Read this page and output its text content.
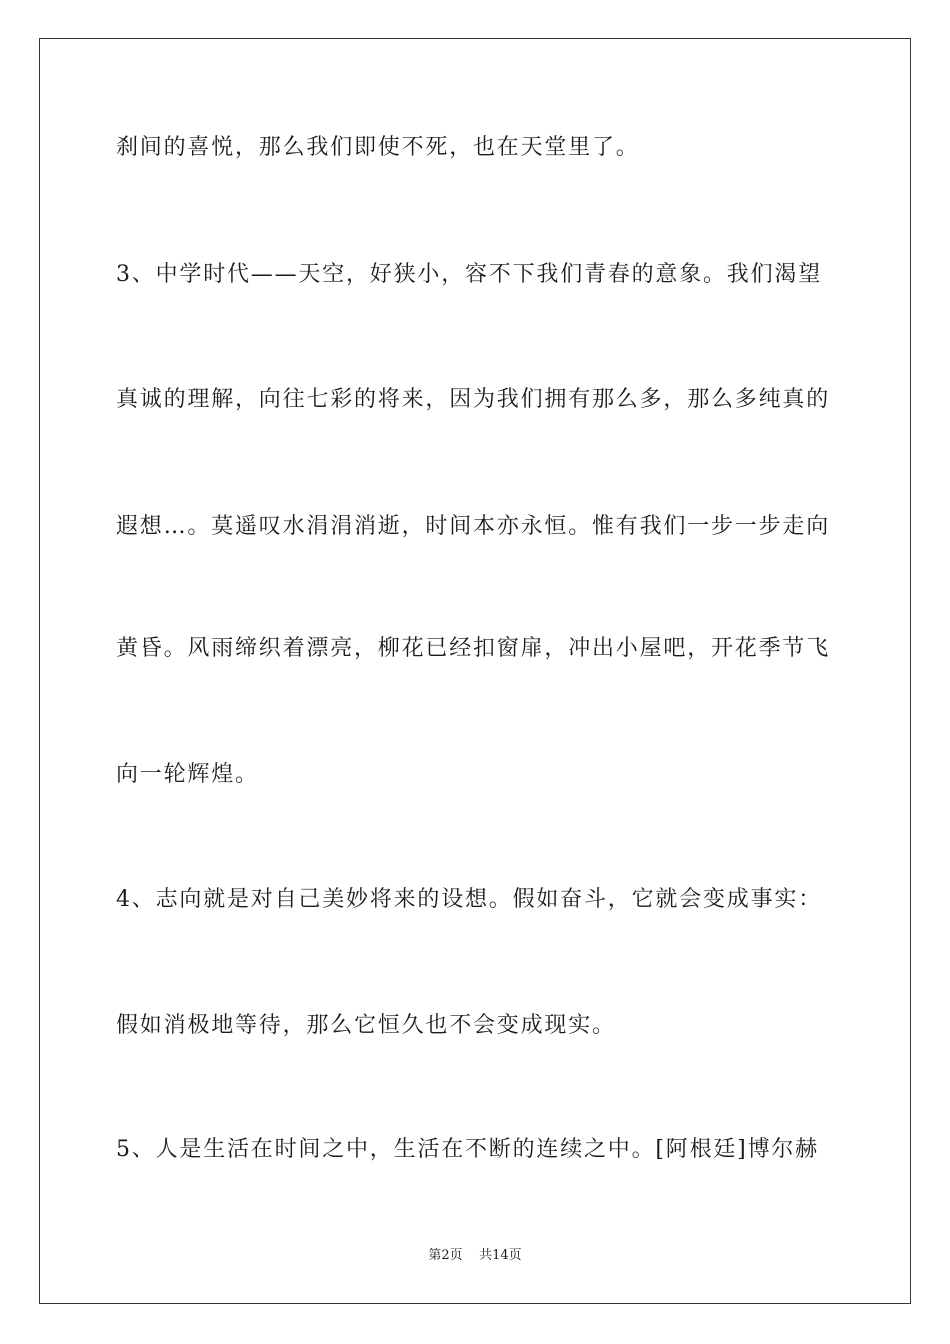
刹间的喜悦，那么我们即使不死，也在天堂里了。
3、中学时代——天空，好狭小，容不下我们青春的意象。我们渴望
真诚的理解，向往七彩的将来，因为我们拥有那么多，那么多纯真的
遐想…。莫遥叹水涓涓消逝，时间本亦永恒。惟有我们一步一步走向
黄昏。风雨缔织着漂亮，柳花已经扣窗扉，冲出小屋吧，开花季节飞
向一轮辉煌。
4、志向就是对自己美妙将来的设想。假如奋斗，它就会变成事实：
假如消极地等待，那么它恒久也不会变成现实。
5、人是生活在时间之中，生活在不断的连续之中。[阿根廷]博尔赫
第2页    共14页
